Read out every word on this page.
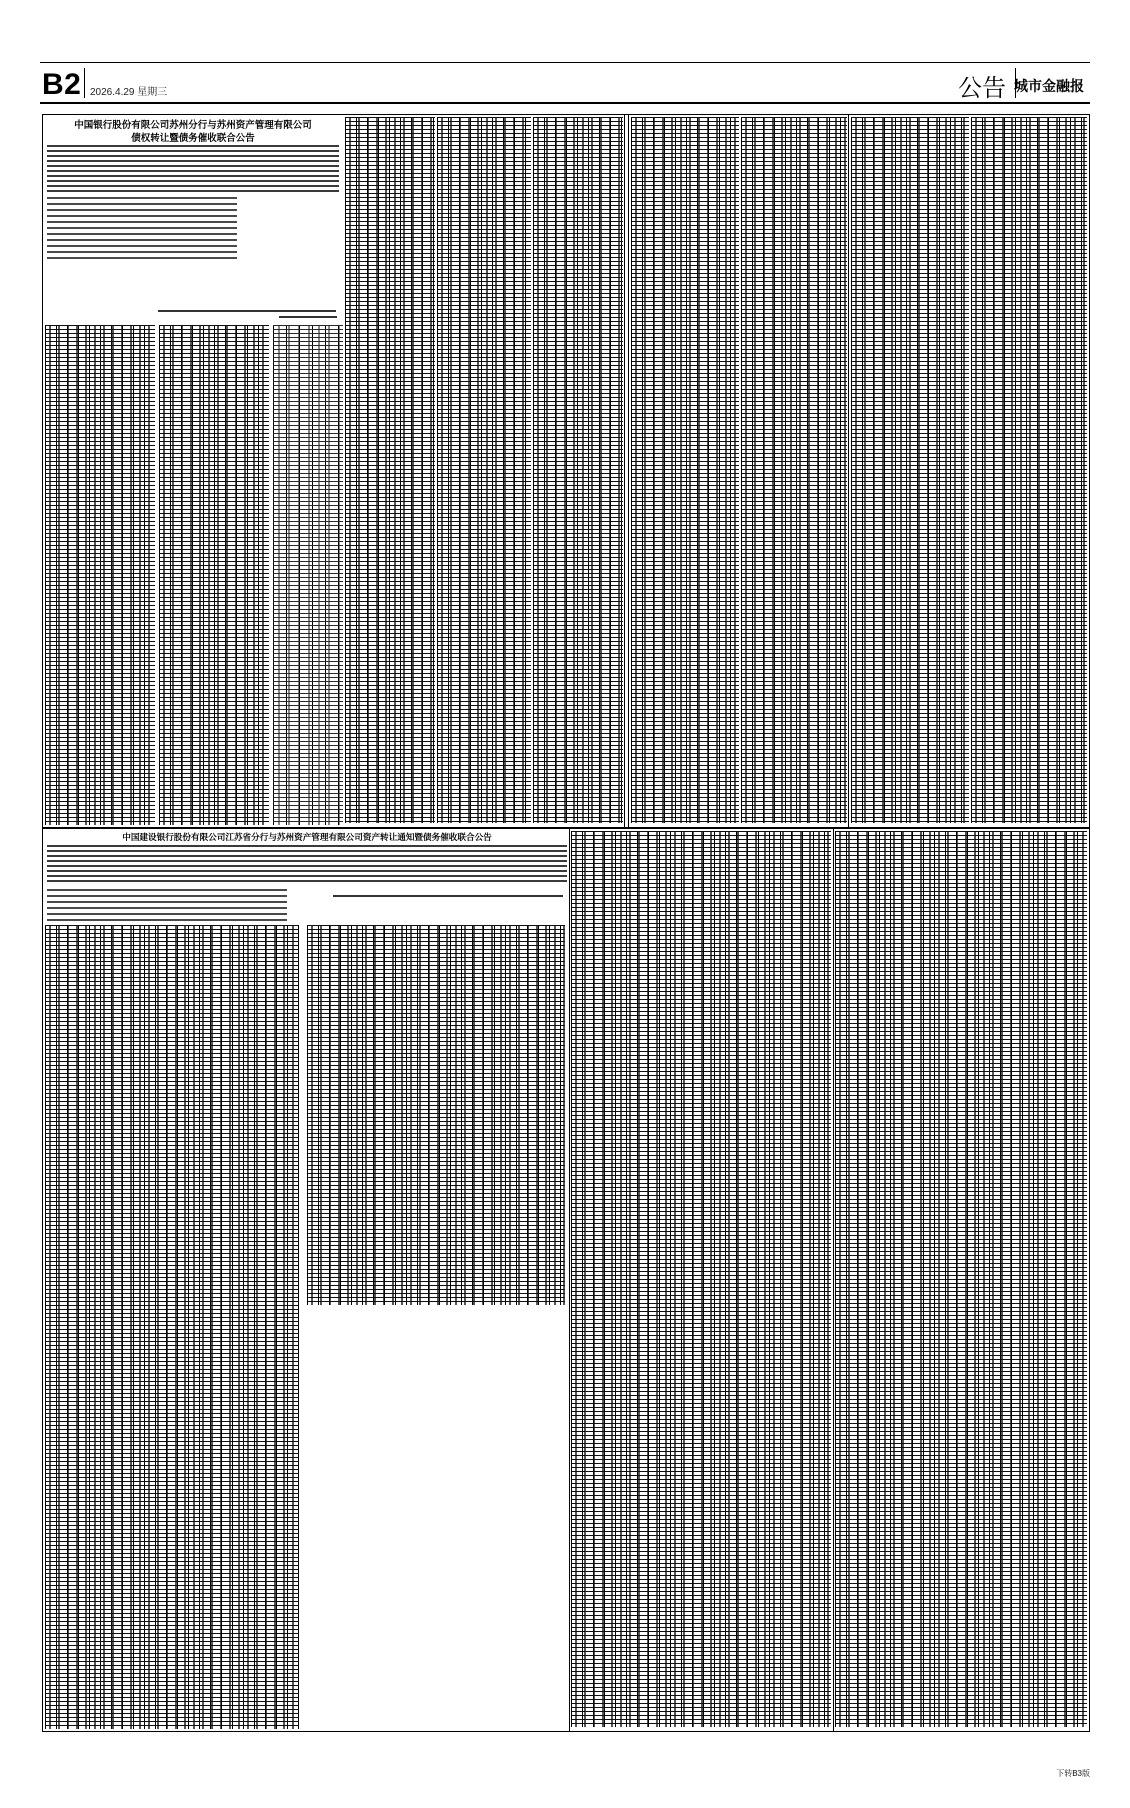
B2 2026.4.29 星期三	公告 城市金融报
中国银行股份有限公司苏州分行与苏州资产管理有限公司
债权转让暨债务催收联合公告
中国建设银行股份有限公司江苏省分行与苏州资产管理有限公司资产转让通知暨债务催收联合公告
下转B3版
